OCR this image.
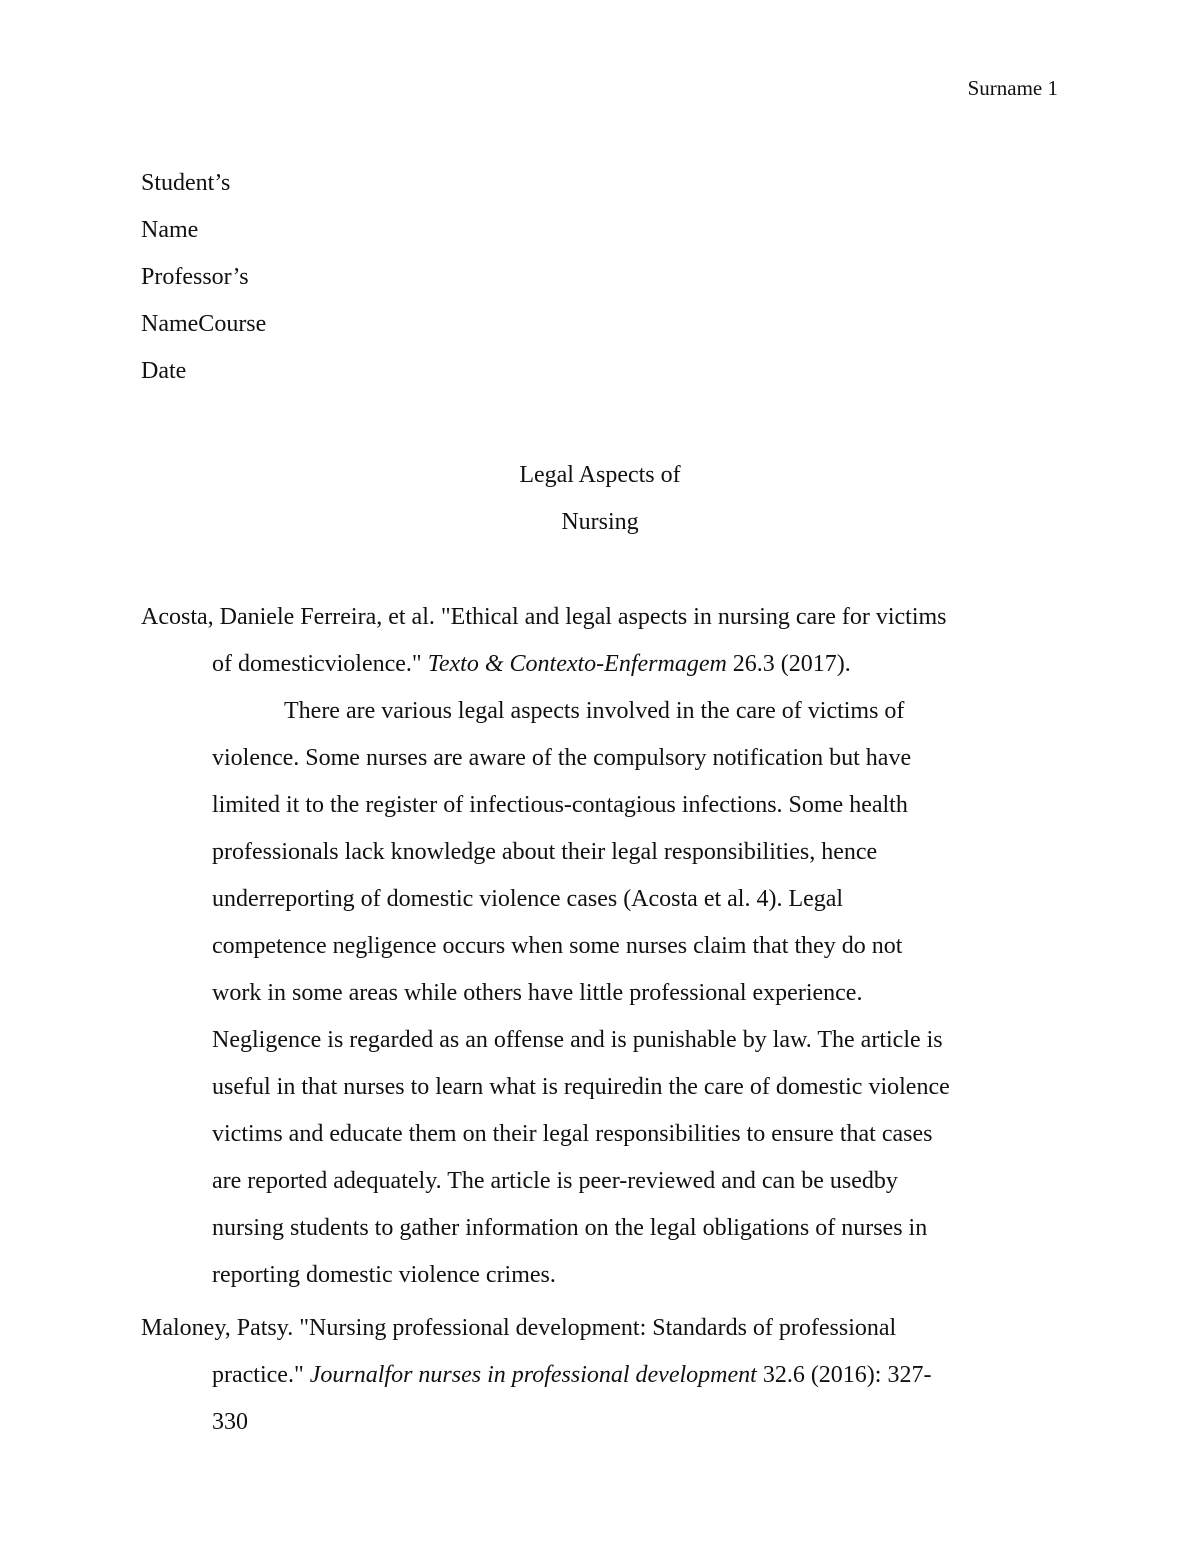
Surname 1
Student’s
Name
Professor’s
NameCourse
Date
Legal Aspects of
Nursing
Acosta, Daniele Ferreira, et al. "Ethical and legal aspects in nursing care for victims
of domesticviolence." Texto & Contexto-Enfermagem 26.3 (2017).
There are various legal aspects involved in the care of victims of
violence. Some nurses are aware of the compulsory notification but have
limited it to the register of infectious-contagious infections. Some health
professionals lack knowledge about their legal responsibilities, hence
underreporting of domestic violence cases (Acosta et al. 4). Legal
competence negligence occurs when some nurses claim that they do not
work in some areas while others have little professional experience.
Negligence is regarded as an offense and is punishable by law. The article is
useful in that nurses to learn what is requiredin the care of domestic violence
victims and educate them on their legal responsibilities to ensure that cases
are reported adequately. The article is peer-reviewed and can be usedby
nursing students to gather information on the legal obligations of nurses in
reporting domestic violence crimes.
Maloney, Patsy. "Nursing professional development: Standards of professional
practice." Journalfor nurses in professional development 32.6 (2016): 327-
330
